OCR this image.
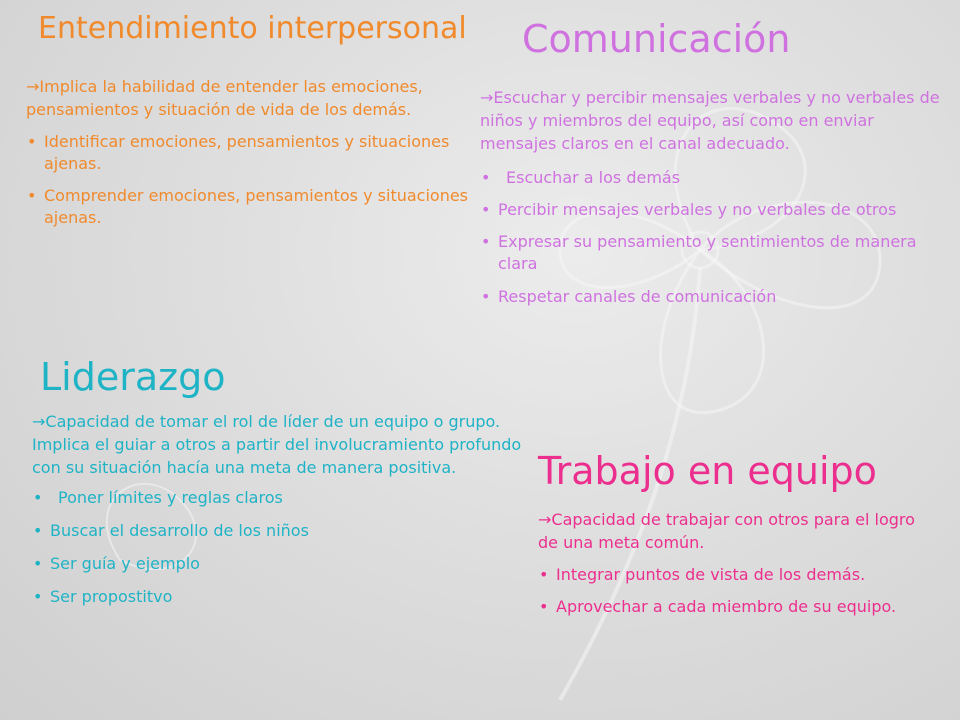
Entendimiento interpersonal

→Implica la habilidad de entender las emociones, pensamientos y situación de vida de los demás.

• Identificar emociones, pensamientos y situaciones ajenas.
• Comprender emociones, pensamientos y situaciones ajenas.
Comunicación

→Escuchar y percibir mensajes verbales y no verbales de niños y miembros del equipo, así como en enviar mensajes claros en el canal adecuado.

• Escuchar a los demás
• Percibir mensajes verbales y no verbales de otros
• Expresar su pensamiento y sentimientos de manera clara
• Respetar canales de comunicación
Liderazgo

→Capacidad de tomar el rol de líder de un equipo o grupo. Implica el guiar a otros a partir del involucramiento profundo con su situación hacía una meta de manera positiva.

• Poner límites y reglas claros
• Buscar el desarrollo de los niños
• Ser guía y ejemplo
• Ser propostitvo
Trabajo en equipo

→Capacidad de trabajar con otros para el logro de una meta común.

• Integrar puntos de vista de los demás.
• Aprovechar a cada miembro de su equipo.
